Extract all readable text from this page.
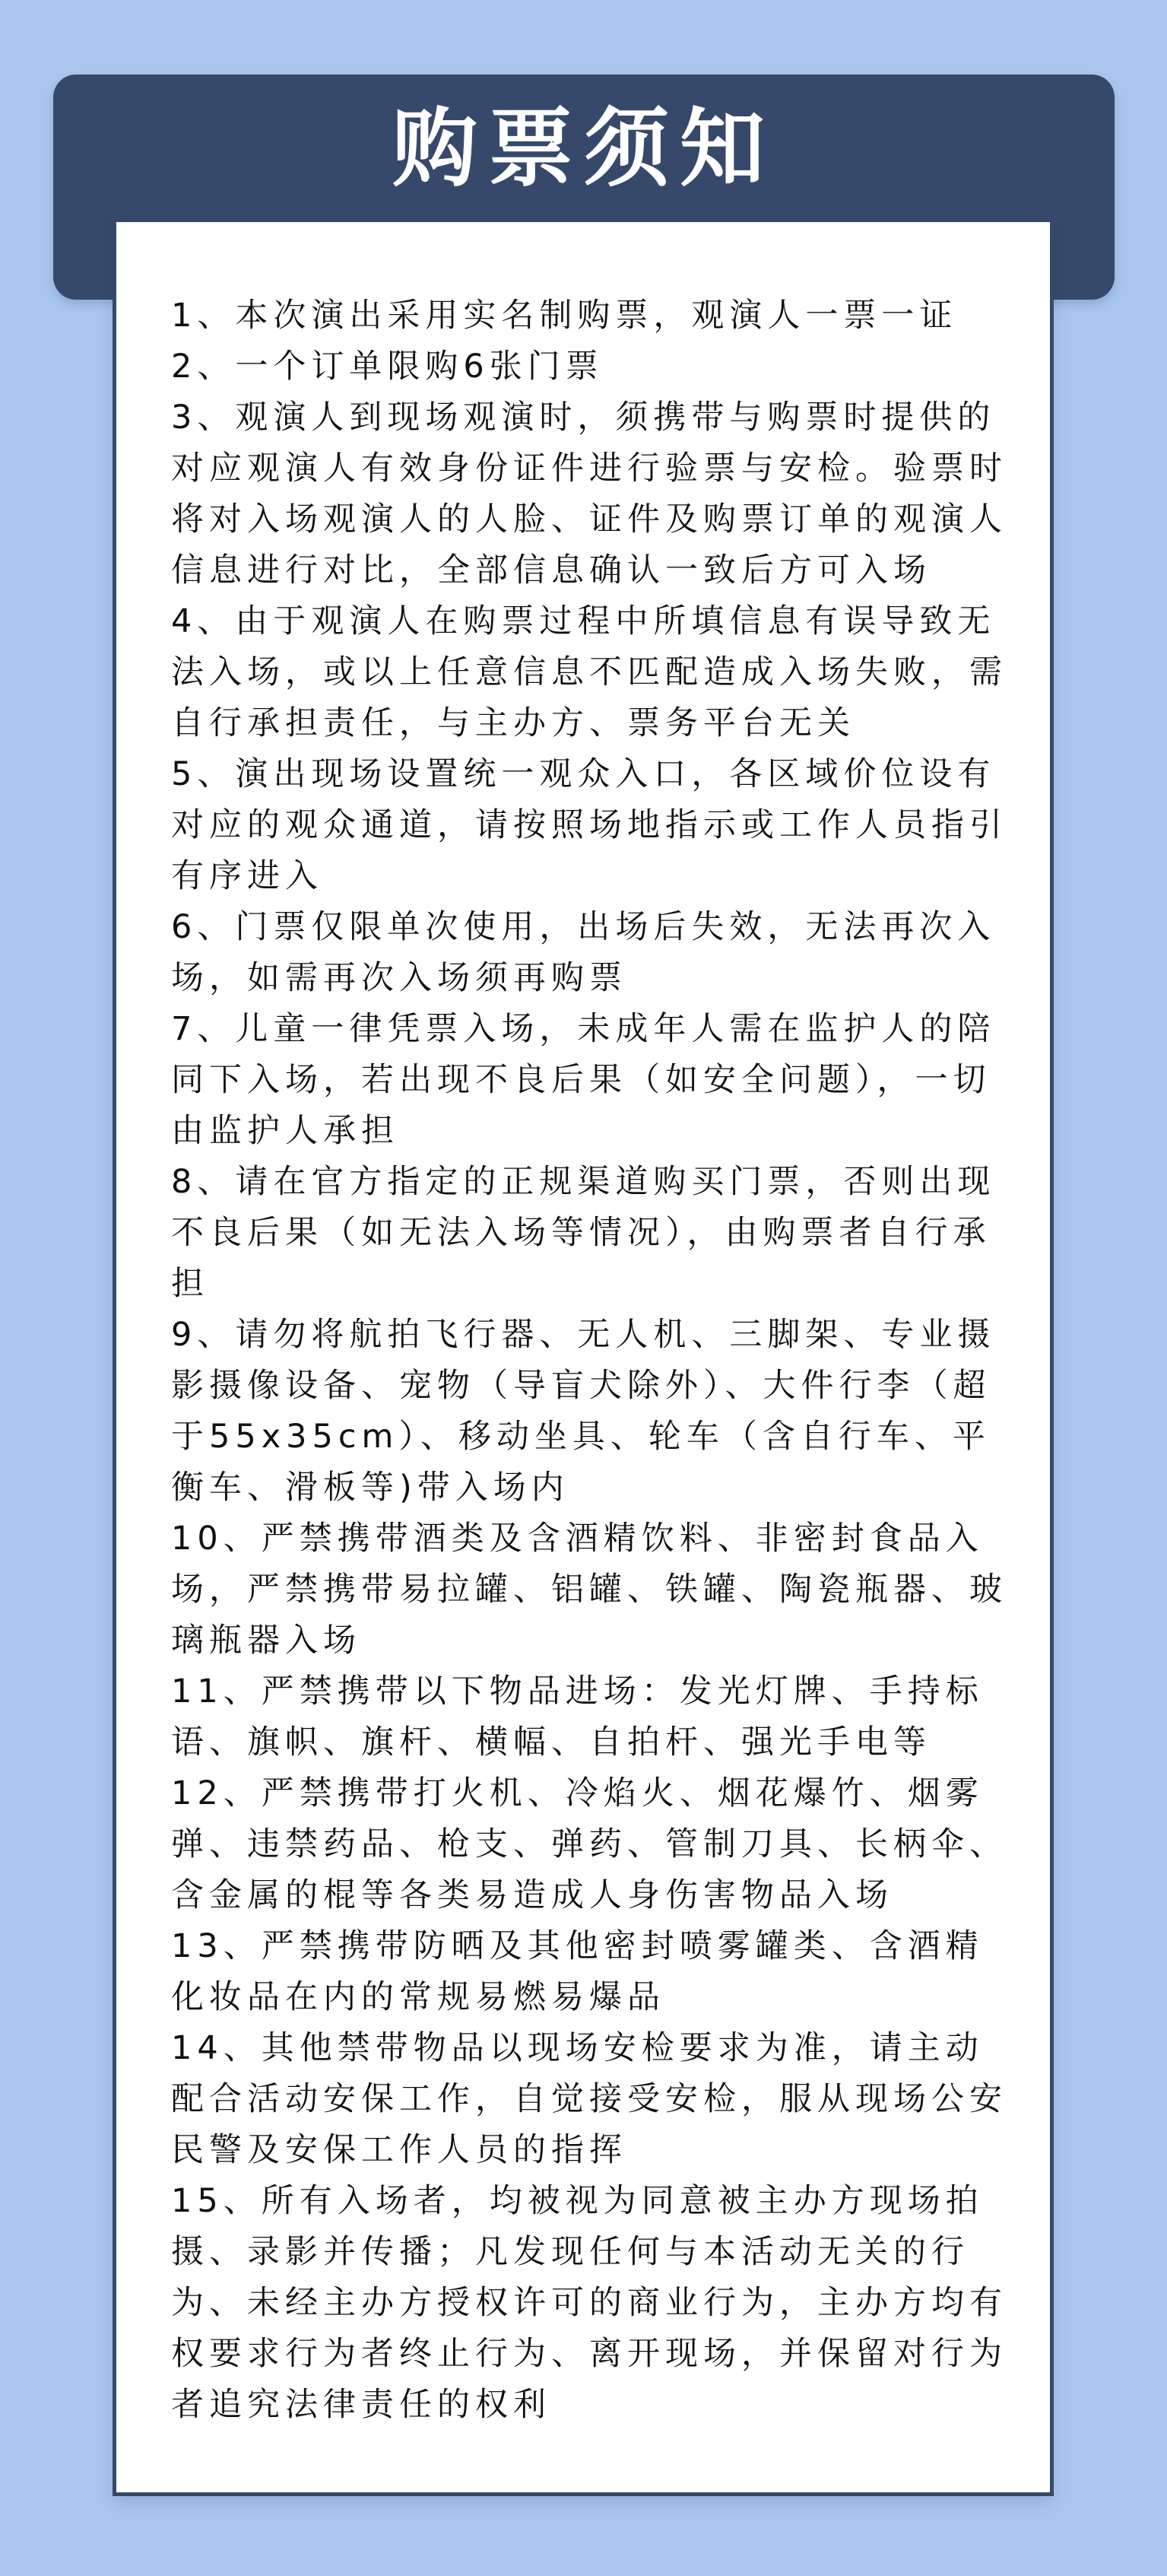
购票须知

1、本次演出采用实名制购票，观演人一票一证

2、一个订单限购6张门票

3、观演人到现场观演时，须携带与购票时提供的对应观演人有效身份证件进行验票与安检。验票时将对入场观演人的人脸、证件及购票订单的观演人信息进行对比，全部信息确认一致后方可入场

4、由于观演人在购票过程中所填信息有误导致无法入场，或以上任意信息不匹配造成入场失败，需自行承担责任，与主办方、票务平台无关

5、演出现场设置统一观众入口，各区域价位设有对应的观众通道，请按照场地指示或工作人员指引有序进入

6、门票仅限单次使用，出场后失效，无法再次入场，如需再次入场须再购票

7、儿童一律凭票入场，未成年人需在监护人的陪同下入场，若出现不良后果（如安全问题），一切由监护人承担

8、请在官方指定的正规渠道购买门票，否则出现不良后果（如无法入场等情况），由购票者自行承担

9、请勿将航拍飞行器、无人机、三脚架、专业摄影摄像设备、宠物（导盲犬除外）、大件行李（超于55x35cm）、移动坐具、轮车（含自行车、平衡车、滑板等)带入场内

10、严禁携带酒类及含酒精饮料、非密封食品入场，严禁携带易拉罐、铝罐、铁罐、陶瓷瓶器、玻璃瓶器入场

11、严禁携带以下物品进场：发光灯牌、手持标语、旗帜、旗杆、横幅、自拍杆、强光手电等

12、严禁携带打火机、冷焰火、烟花爆竹、烟雾弹、违禁药品、枪支、弹药、管制刀具、长柄伞、含金属的棍等各类易造成人身伤害物品入场

13、严禁携带防晒及其他密封喷雾罐类、含酒精化妆品在内的常规易燃易爆品

14、其他禁带物品以现场安检要求为准，请主动配合活动安保工作，自觉接受安检，服从现场公安民警及安保工作人员的指挥

15、所有入场者，均被视为同意被主办方现场拍摄、录影并传播；凡发现任何与本活动无关的行为、未经主办方授权许可的商业行为，主办方均有权要求行为者终止行为、离开现场，并保留对行为者追究法律责任的权利
